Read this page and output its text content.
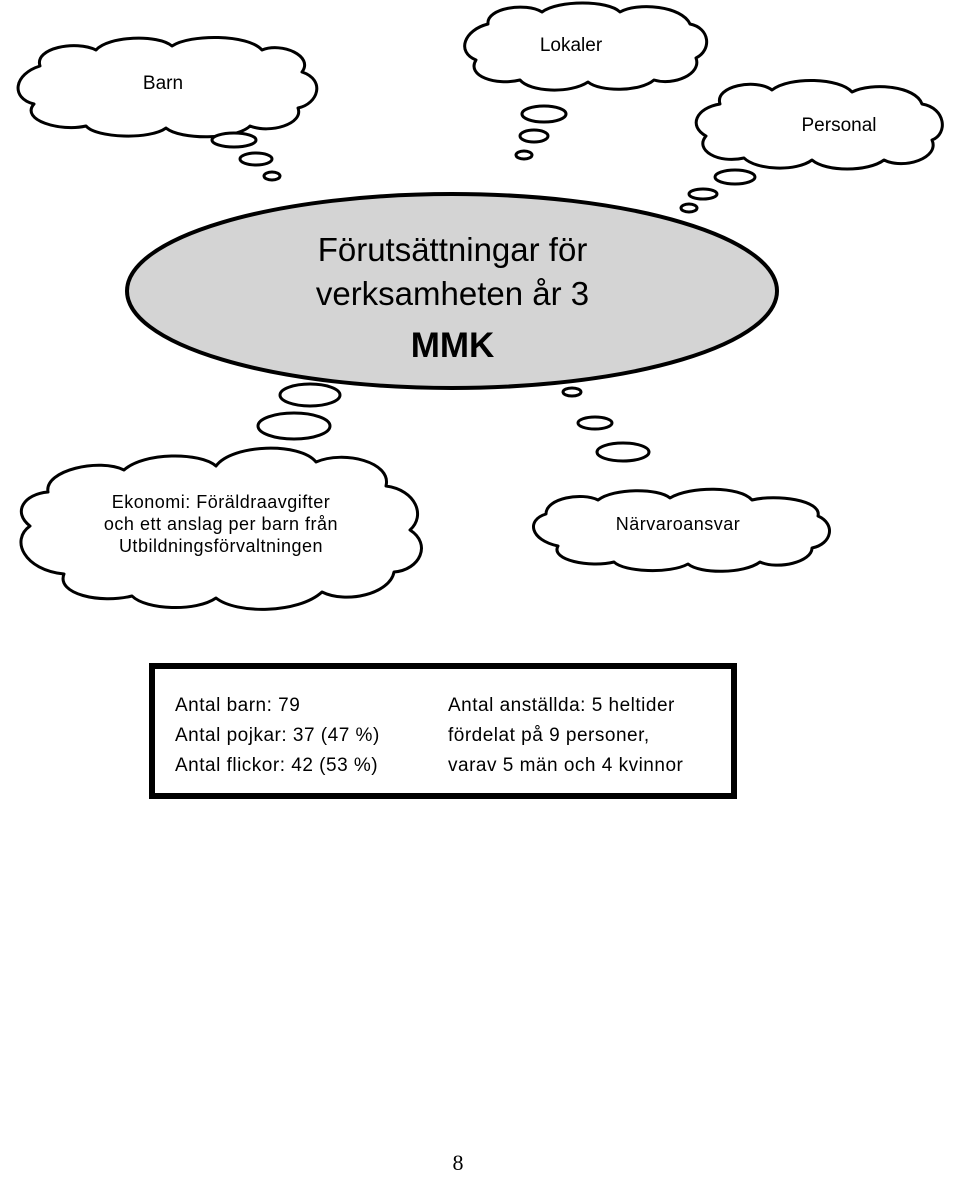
Förutsättningar för
verksamheten år 3
MMK
Barn
Lokaler
Personal
Ekonomi: Föräldraavgifter
och ett anslag per barn från
Utbildningsförvaltningen
Närvaroansvar
Antal barn: 79
Antal pojkar: 37 (47 %)
Antal flickor: 42 (53 %)
Antal anställda: 5 heltider
fördelat på 9 personer,
varav 5 män och 4 kvinnor
8
